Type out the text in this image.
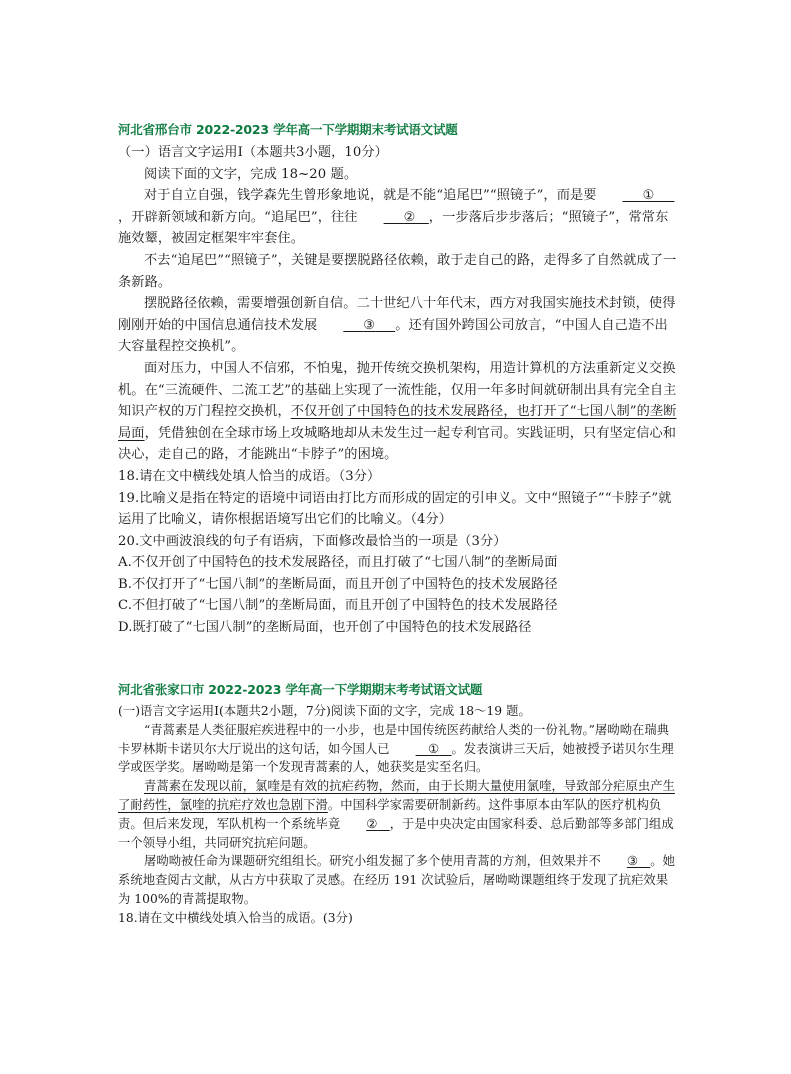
河北省邢台市 2022-2023 学年高一下学期期末考试语文试题

（一）语言文字运用Ⅰ（本题共3小题，10分）

阅读下面的文字，完成 18~20 题。

对于自立自强，钱学森先生曾形象地说，就是不能“追尾巴”“照镜子”，而是要  	①  ，开辟新领域和新方向。“追尾巴”，往往  	②  ，一步落后步步落后；“照镜子”，常常东施效颦，被固定框架牢牢套住。

不去“追尾巴”“照镜子”，关键是要摆脱路径依赖，敢于走自己的路，走得多了自然就成了一条新路。

摆脱路径依赖，需要增强创新自信。二十世纪八十年代末，西方对我国实施技术封锁，使得刚刚开始的中国信息通信技术发展  	③   。还有国外跨国公司放言，“中国人自己造不出大容量程控交换机”。

面对压力，中国人不信邪，不怕鬼，抛开传统交换机架构，用造计算机的方法重新定义交换机。在“三流硬件、二流工艺”的基础上实现了一流性能，仅用一年多时间就研制出具有完全自主知识产权的万门程控交换机，不仅开创了中国特色的技术发展路径，也打开了“七国八制”的垄断局面，凭借独创在全球市场上攻城略地却从未发生过一起专利官司。实践证明，只有坚定信心和决心，走自己的路，才能跳出“卡脖子”的困境。

18.请在文中横线处填人恰当的成语。（3分）

19.比喻义是指在特定的语境中词语由打比方而形成的固定的引申义。文中“照镜子”“卡脖子”就运用了比喻义，请你根据语境写出它们的比喻义。（4分）

20.文中画波浪线的句子有语病，下面修改最恰当的一项是（3分）

A.不仅开创了中国特色的技术发展路径，而且打破了“七国八制”的垄断局面

B.不仅打开了“七国八制”的垄断局面，而且开创了中国特色的技术发展路径

C.不但打破了“七国八制”的垄断局面，而且开创了中国特色的技术发展路径

D.既打破了“七国八制”的垄断局面，也开创了中国特色的技术发展路径

河北省张家口市 2022-2023 学年高一下学期期末考考试语文试题

(一)语言文字运用Ⅰ(本题共2小题，7分)阅读下面的文字，完成 18～19 题。

“青蒿素是人类征服疟疾进程中的一小步，也是中国传统医药献给人类的一份礼物。”屠呦呦在瑞典卡罗林斯卡诺贝尔大厅说出的这句话，如今国人已  	①   。发表演讲三天后，她被授予诺贝尔生理学或医学奖。屠呦呦是第一个发现青蒿素的人，她获奖是实至名归。

青蒿素在发现以前，氯喹是有效的抗疟药物，然而，由于长期大量使用氯喹，导致部分疟原虫产生了耐药性，氯喹的抗疟疗效也急剧下滑。中国科学家需要研制新药。这件事原本由军队的医疗机构负责。但后来发现，军队机构一个系统毕竟 ②  ，于是中央决定由国家科委、总后勤部等多部门组成一个领导小组，共同研究抗疟问题。

屠呦呦被任命为课题研究组组长。研究小组发掘了多个使用青蒿的方剂，但效果并不 ③  。她系统地查阅古文献，从古方中获取了灵感。在经历 191 次试验后，屠呦呦课题组终于发现了抗疟效果为 100%的青蒿提取物。

18.请在文中横线处填入恰当的成语。(3分)
